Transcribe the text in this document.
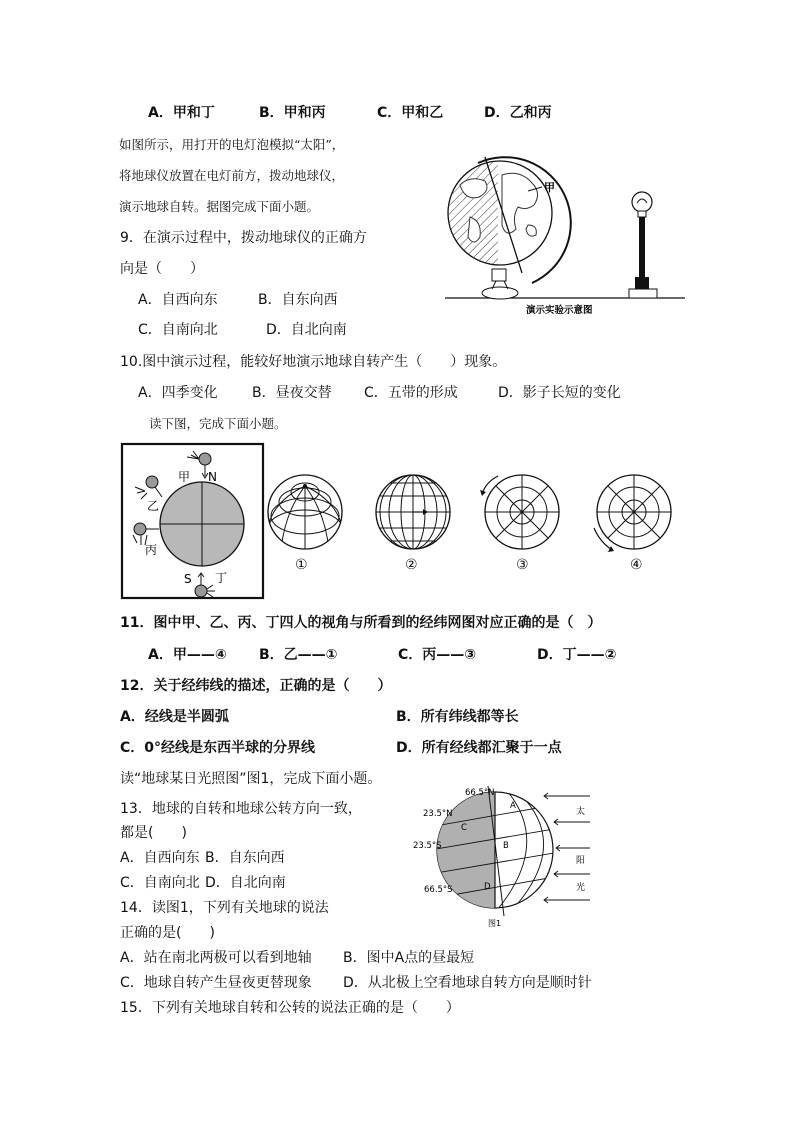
A．甲和丁	B．甲和丙	C．甲和乙	D．乙和丙
如图所示，用打开的电灯泡模拟“太阳”，
将地球仪放置在电灯前方，拨动地球仪，
演示地球自转。据图完成下面小题。
甲
演示实验示意图
9．在演示过程中，拨动地球仪的正确方
向是（　　）
A．自西向东	B．自东向西
C．自南向北	D．自北向南
10.图中演示过程，能较好地演示地球自转产生（　　）现象。
A．四季变化 B．昼夜交替 C．五带的形成	D．影子长短的变化
读下图，完成下面小题。
甲 N
乙
丙
S 丁
①	②	③	④
11．图中甲、乙、丙、丁四人的视角与所看到的经纬网图对应正确的是（　）
A．甲——④ B．乙——①	C．丙——③	D．丁——②
12．关于经纬线的描述，正确的是（　　）
A．经线是半圆弧	B．所有纬线都等长
C．0°经线是东西半球的分界线	D．所有经线都汇聚于一点
读“地球某日光照图”图1，完成下面小题。
66.5°N
23.5°N
23.5°S
66.5°S
A
B
C
D
太
阳
光
图1
13．地球的自转和地球公转方向一致，
都是(　　)
A．自西向东 B．自东向西
C．自南向北 D．自北向南
14．读图1，下列有关地球的说法
正确的是(　　)
A．站在南北两极可以看到地轴 B．图中A点的昼最短
C．地球自转产生昼夜更替现象 D．从北极上空看地球自转方向是顺时针
15．下列有关地球自转和公转的说法正确的是（　　）
